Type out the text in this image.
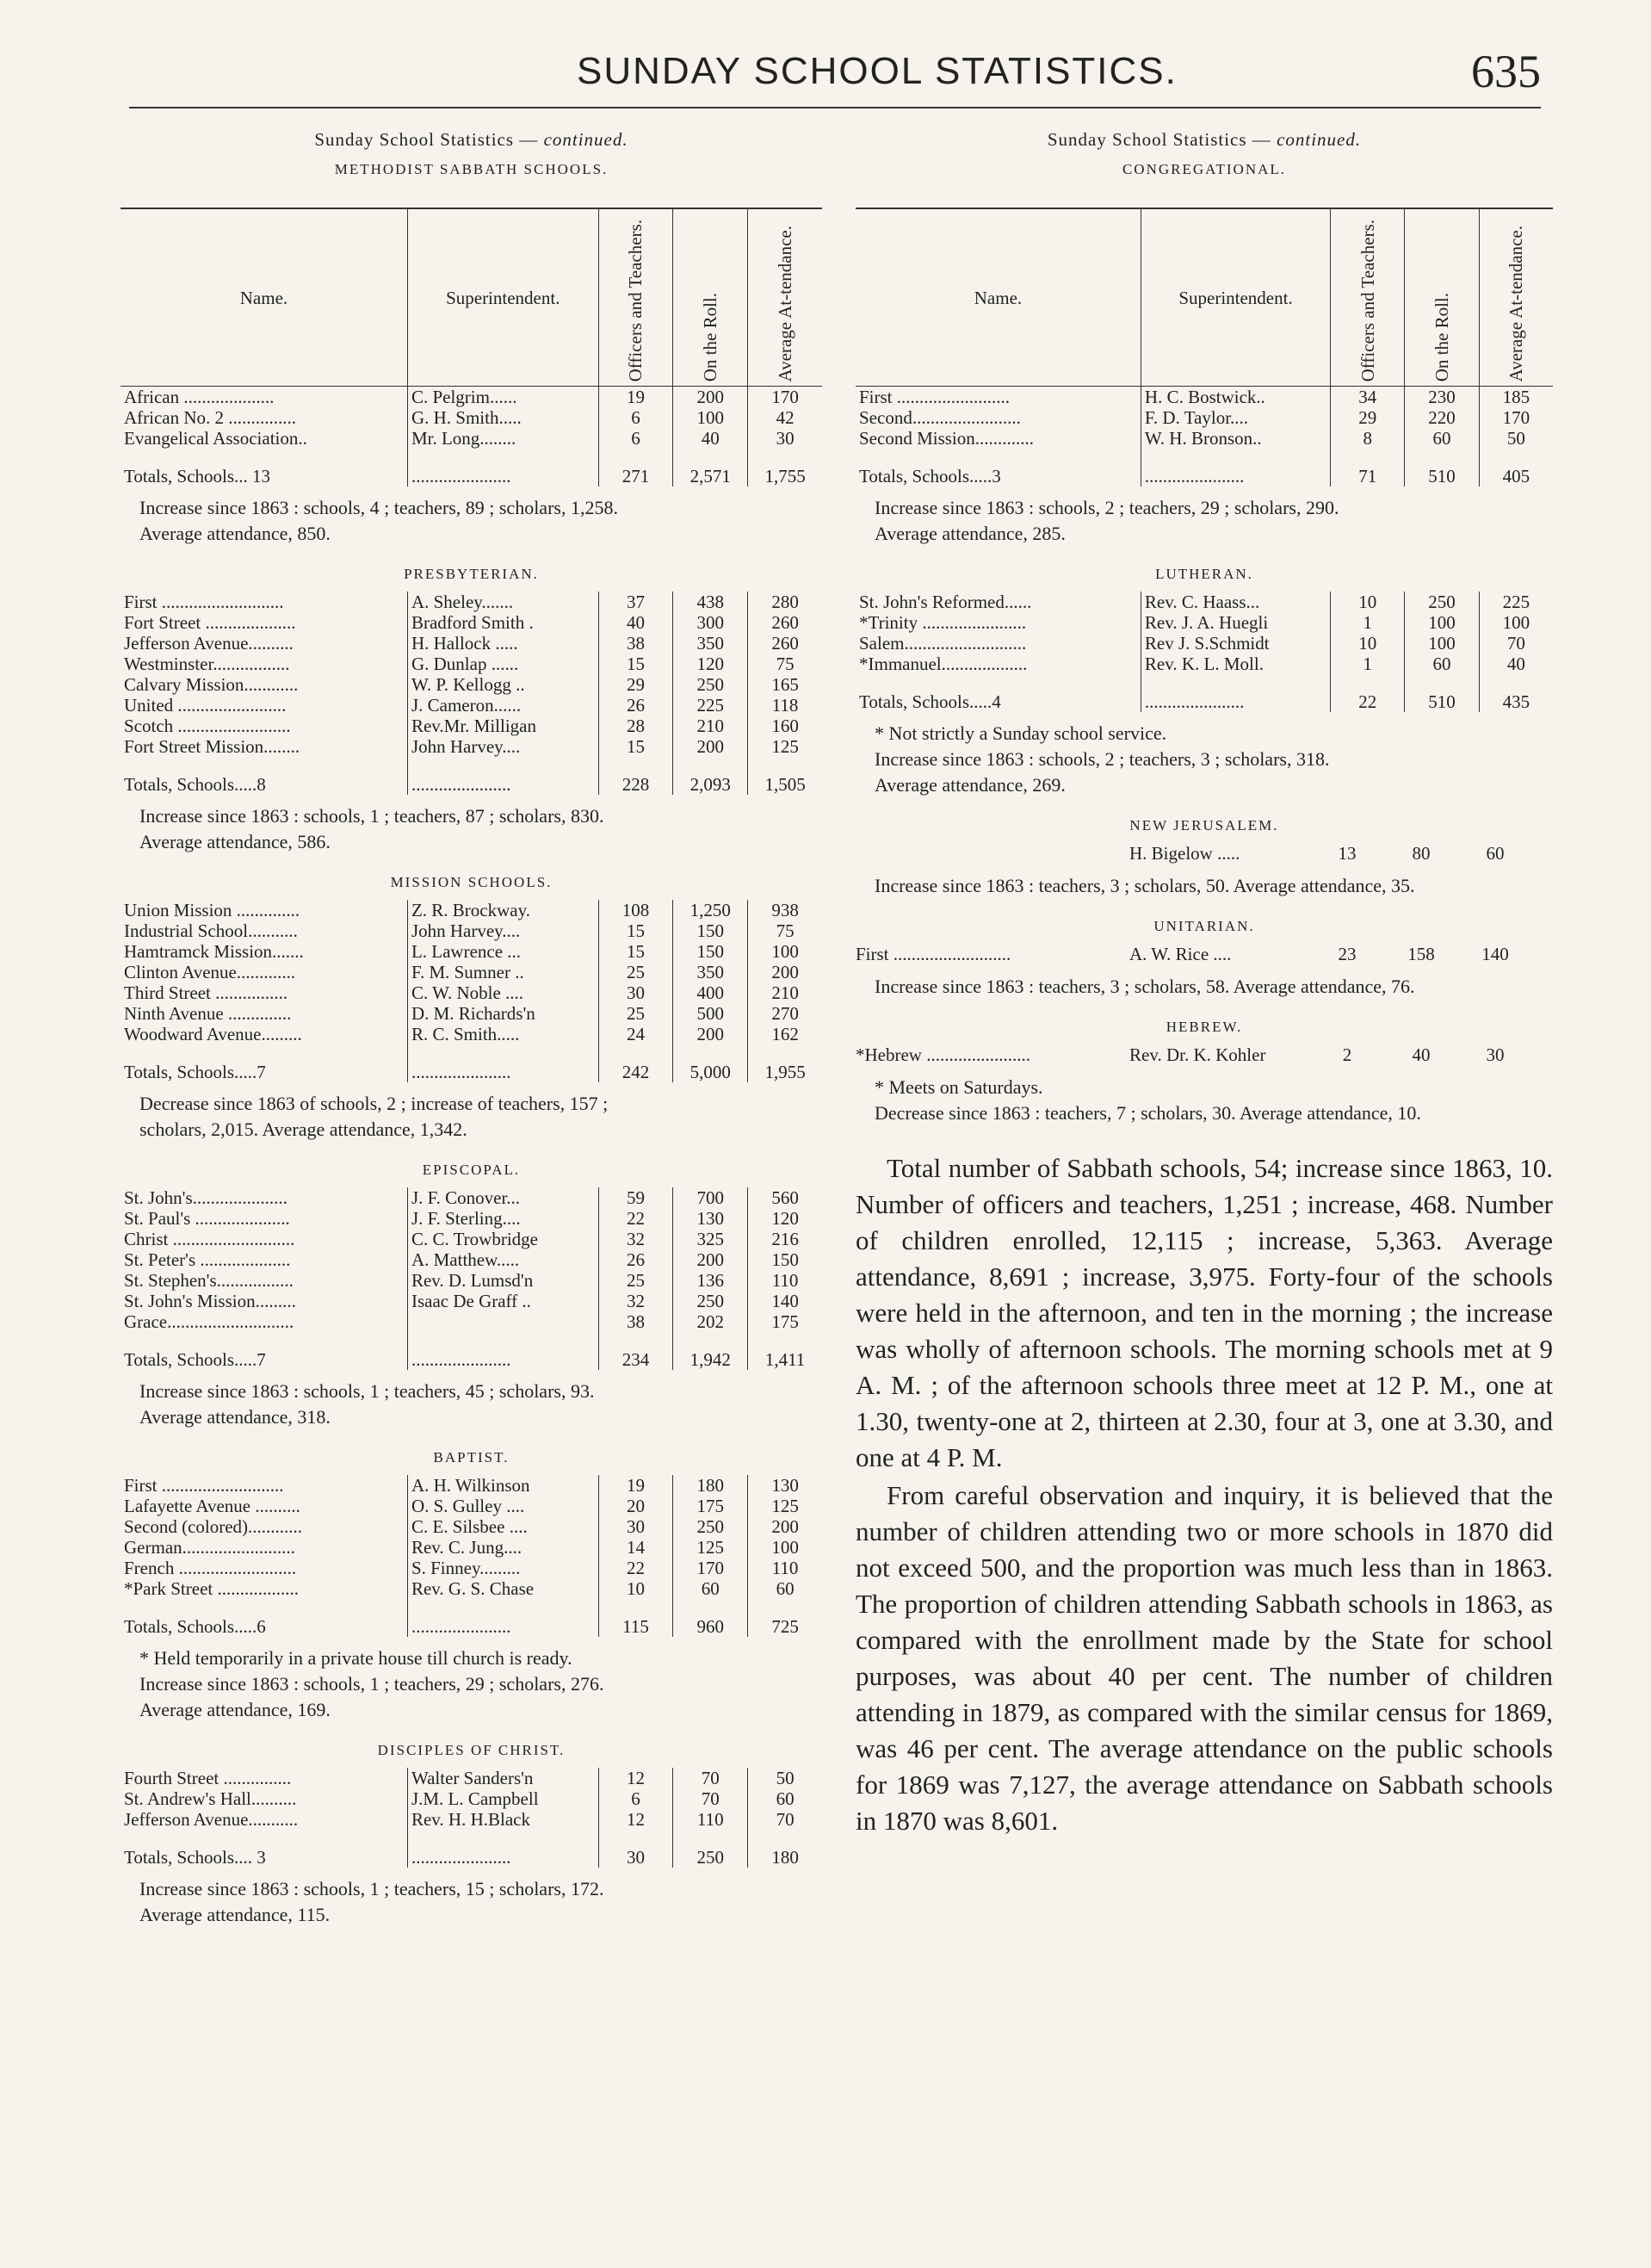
SUNDAY SCHOOL STATISTICS.	635
Sunday School Statistics — continued.
METHODIST SABBATH SCHOOLS.
Name.	Superintendent.	Officers and Teachers.	On the Roll.	Average At-tendance.
African ....................	C. Pelgrim......	19	200	170
African No. 2 ...............	G. H. Smith.....	6	100	42
Evangelical Association..	Mr. Long........	6	40	30
Totals, Schools... 13	......................	271	2,571	1,755
Increase since 1863 : schools, 4 ; teachers, 89 ; scholars, 1,258.
Average attendance, 850.
PRESBYTERIAN.
First ...........................	A. Sheley.......	37	438	280
Fort Street ....................	Bradford Smith .	40	300	260
Jefferson Avenue..........	H. Hallock .....	38	350	260
Westminster.................	G. Dunlap ......	15	120	75
Calvary Mission............	W. P. Kellogg ..	29	250	165
United ........................	J. Cameron......	26	225	118
Scotch .........................	Rev.Mr. Milligan	28	210	160
Fort Street Mission........	John Harvey....	15	200	125
Totals, Schools.....8	......................	228	2,093	1,505
Increase since 1863 : schools, 1 ; teachers, 87 ; scholars, 830.
Average attendance, 586.
MISSION SCHOOLS.
Union Mission ..............	Z. R. Brockway.	108	1,250	938
Industrial School...........	John Harvey....	15	150	75
Hamtramck Mission.......	L. Lawrence ...	15	150	100
Clinton Avenue.............	F. M. Sumner ..	25	350	200
Third Street ................	C. W. Noble ....	30	400	210
Ninth Avenue ..............	D. M. Richards'n	25	500	270
Woodward Avenue.........	R. C. Smith.....	24	200	162
Totals, Schools.....7	......................	242	5,000	1,955
Decrease since 1863 of schools, 2 ; increase of teachers, 157 ;
scholars, 2,015. Average attendance, 1,342.
EPISCOPAL.
St. John's.....................	J. F. Conover...	59	700	560
St. Paul's .....................	J. F. Sterling....	22	130	120
Christ ...........................	C. C. Trowbridge	32	325	216
St. Peter's ....................	A. Matthew.....	26	200	150
St. Stephen's.................	Rev. D. Lumsd'n	25	136	110
St. John's Mission.........	Isaac De Graff ..	32	250	140
Grace............................		38	202	175
Totals, Schools.....7	......................	234	1,942	1,411
Increase since 1863 : schools, 1 ; teachers, 45 ; scholars, 93.
Average attendance, 318.
BAPTIST.
First ...........................	A. H. Wilkinson	19	180	130
Lafayette Avenue ..........	O. S. Gulley ....	20	175	125
Second (colored)............	C. E. Silsbee ....	30	250	200
German.........................	Rev. C. Jung....	14	125	100
French ..........................	S. Finney.........	22	170	110
*Park Street ..................	Rev. G. S. Chase	10	60	60
Totals, Schools.....6	......................	115	960	725
* Held temporarily in a private house till church is ready.
Increase since 1863 : schools, 1 ; teachers, 29 ; scholars, 276.
Average attendance, 169.
DISCIPLES OF CHRIST.
Fourth Street ...............	Walter Sanders'n	12	70	50
St. Andrew's Hall..........	J.M. L. Campbell	6	70	60
Jefferson Avenue...........	Rev. H. H.Black	12	110	70
Totals, Schools.... 3	......................	30	250	180
Increase since 1863 : schools, 1 ; teachers, 15 ; scholars, 172.
Average attendance, 115.
Sunday School Statistics — continued.
CONGREGATIONAL.
Name.	Superintendent.	Officers and Teachers.	On the Roll.	Average At-tendance.
First .........................	H. C. Bostwick..	34	230	185
Second........................	F. D. Taylor....	29	220	170
Second Mission.............	W. H. Bronson..	8	60	50
Totals, Schools.....3	......................	71	510	405
Increase since 1863 : schools, 2 ; teachers, 29 ; scholars, 290.
Average attendance, 285.
LUTHERAN.
St. John's Reformed......	Rev. C. Haass...	10	250	225
*Trinity .......................	Rev. J. A. Huegli	1	100	100
Salem...........................	Rev J. S.Schmidt	10	100	70
*Immanuel...................	Rev. K. L. Moll.	1	60	40
Totals, Schools.....4	......................	22	510	435
* Not strictly a Sunday school service.
Increase since 1863 : schools, 2 ; teachers, 3 ; scholars, 318.
Average attendance, 269.
NEW JERUSALEM.
H. Bigelow .....	13	80	60
Increase since 1863 : teachers, 3 ; scholars, 50. Average attendance, 35.
UNITARIAN.
First ..........................	A. W. Rice ....	23	158	140
Increase since 1863 : teachers, 3 ; scholars, 58. Average attendance, 76.
HEBREW.
*Hebrew .......................	Rev. Dr. K. Kohler	2	40	30
* Meets on Saturdays.
Decrease since 1863 : teachers, 7 ; scholars, 30. Average attendance, 10.

Total number of Sabbath schools, 54; increase since 1863, 10. Number of officers and teachers, 1,251 ; increase, 468. Number of children enrolled, 12,115 ; increase, 5,363. Average attendance, 8,691 ; increase, 3,975. Forty-four of the schools were held in the afternoon, and ten in the morning ; the increase was wholly of afternoon schools. The morning schools met at 9 A. M. ; of the afternoon schools three meet at 12 P. M., one at 1.30, twenty-one at 2, thirteen at 2.30, four at 3, one at 3.30, and one at 4 P. M.

From careful observation and inquiry, it is believed that the number of children attending two or more schools in 1870 did not exceed 500, and the proportion was much less than in 1863. The proportion of children attending Sabbath schools in 1863, as compared with the enrollment made by the State for school purposes, was about 40 per cent. The number of children attending in 1879, as compared with the similar census for 1869, was 46 per cent. The average attendance on the public schools for 1869 was 7,127, the average attendance on Sabbath schools in 1870 was 8,601.
